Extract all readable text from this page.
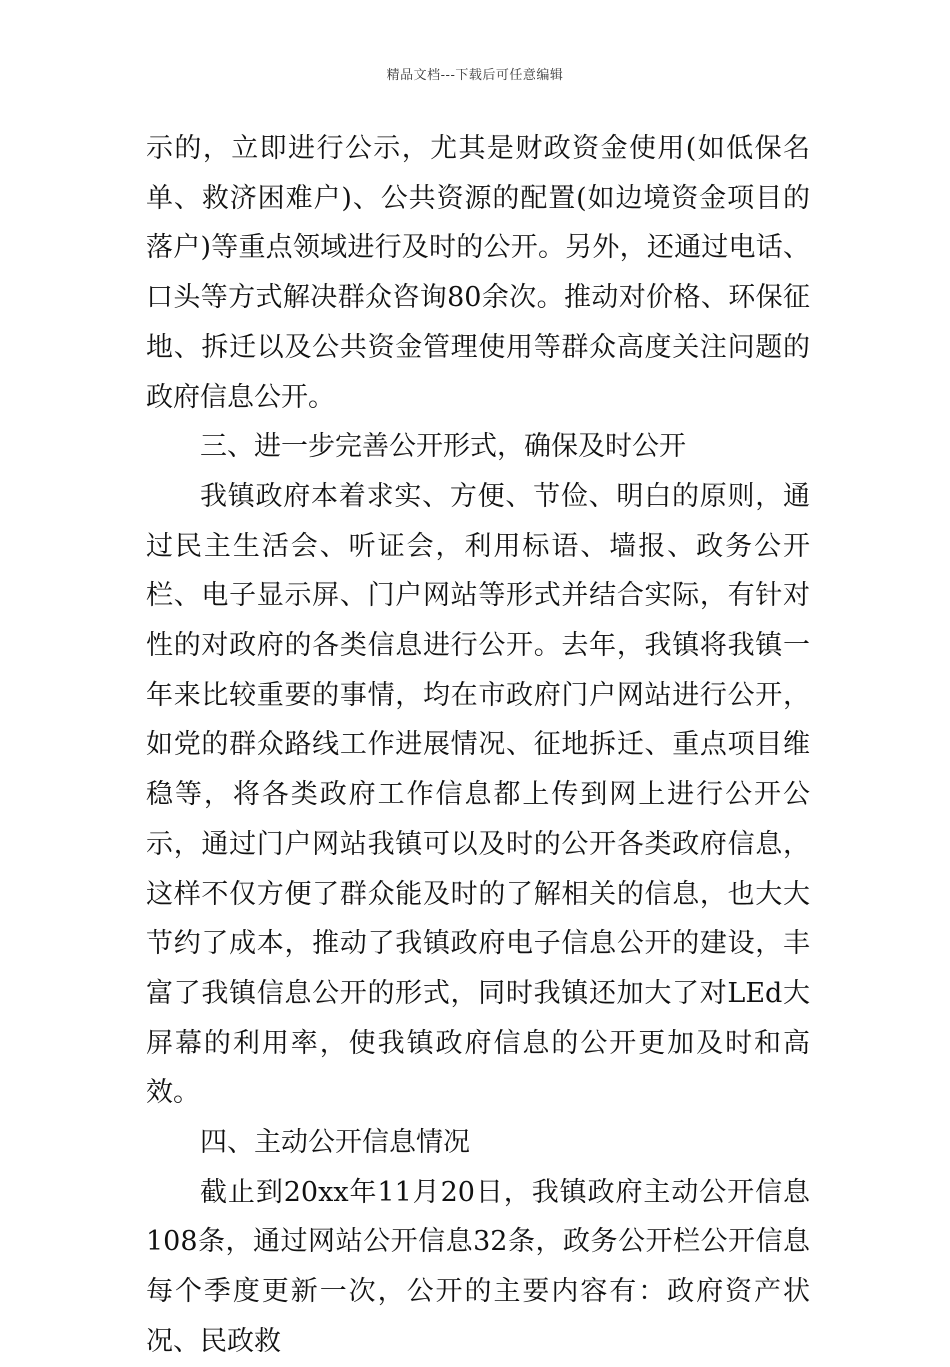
精品文档---下载后可任意编辑

示的，立即进行公示，尤其是财政资金使用(如低保名单、救济困难户)、公共资源的配置(如边境资金项目的落户)等重点领域进行及时的公开。另外，还通过电话、口头等方式解决群众咨询80余次。推动对价格、环保征地、拆迁以及公共资金管理使用等群众高度关注问题的政府信息公开。

三、进一步完善公开形式，确保及时公开

我镇政府本着求实、方便、节俭、明白的原则，通过民主生活会、听证会，利用标语、墙报、政务公开栏、电子显示屏、门户网站等形式并结合实际，有针对性的对政府的各类信息进行公开。去年，我镇将我镇一年来比较重要的事情，均在市政府门户网站进行公开，如党的群众路线工作进展情况、征地拆迁、重点项目维稳等，将各类政府工作信息都上传到网上进行公开公示，通过门户网站我镇可以及时的公开各类政府信息，这样不仅方便了群众能及时的了解相关的信息，也大大节约了成本，推动了我镇政府电子信息公开的建设，丰富了我镇信息公开的形式，同时我镇还加大了对LEd大屏幕的利用率，使我镇政府信息的公开更加及时和高效。

四、主动公开信息情况

截止到20xx年11月20日，我镇政府主动公开信息108条，通过网站公开信息32条，政务公开栏公开信息每个季度更新一次，公开的主要内容有：政府资产状况、民政救
